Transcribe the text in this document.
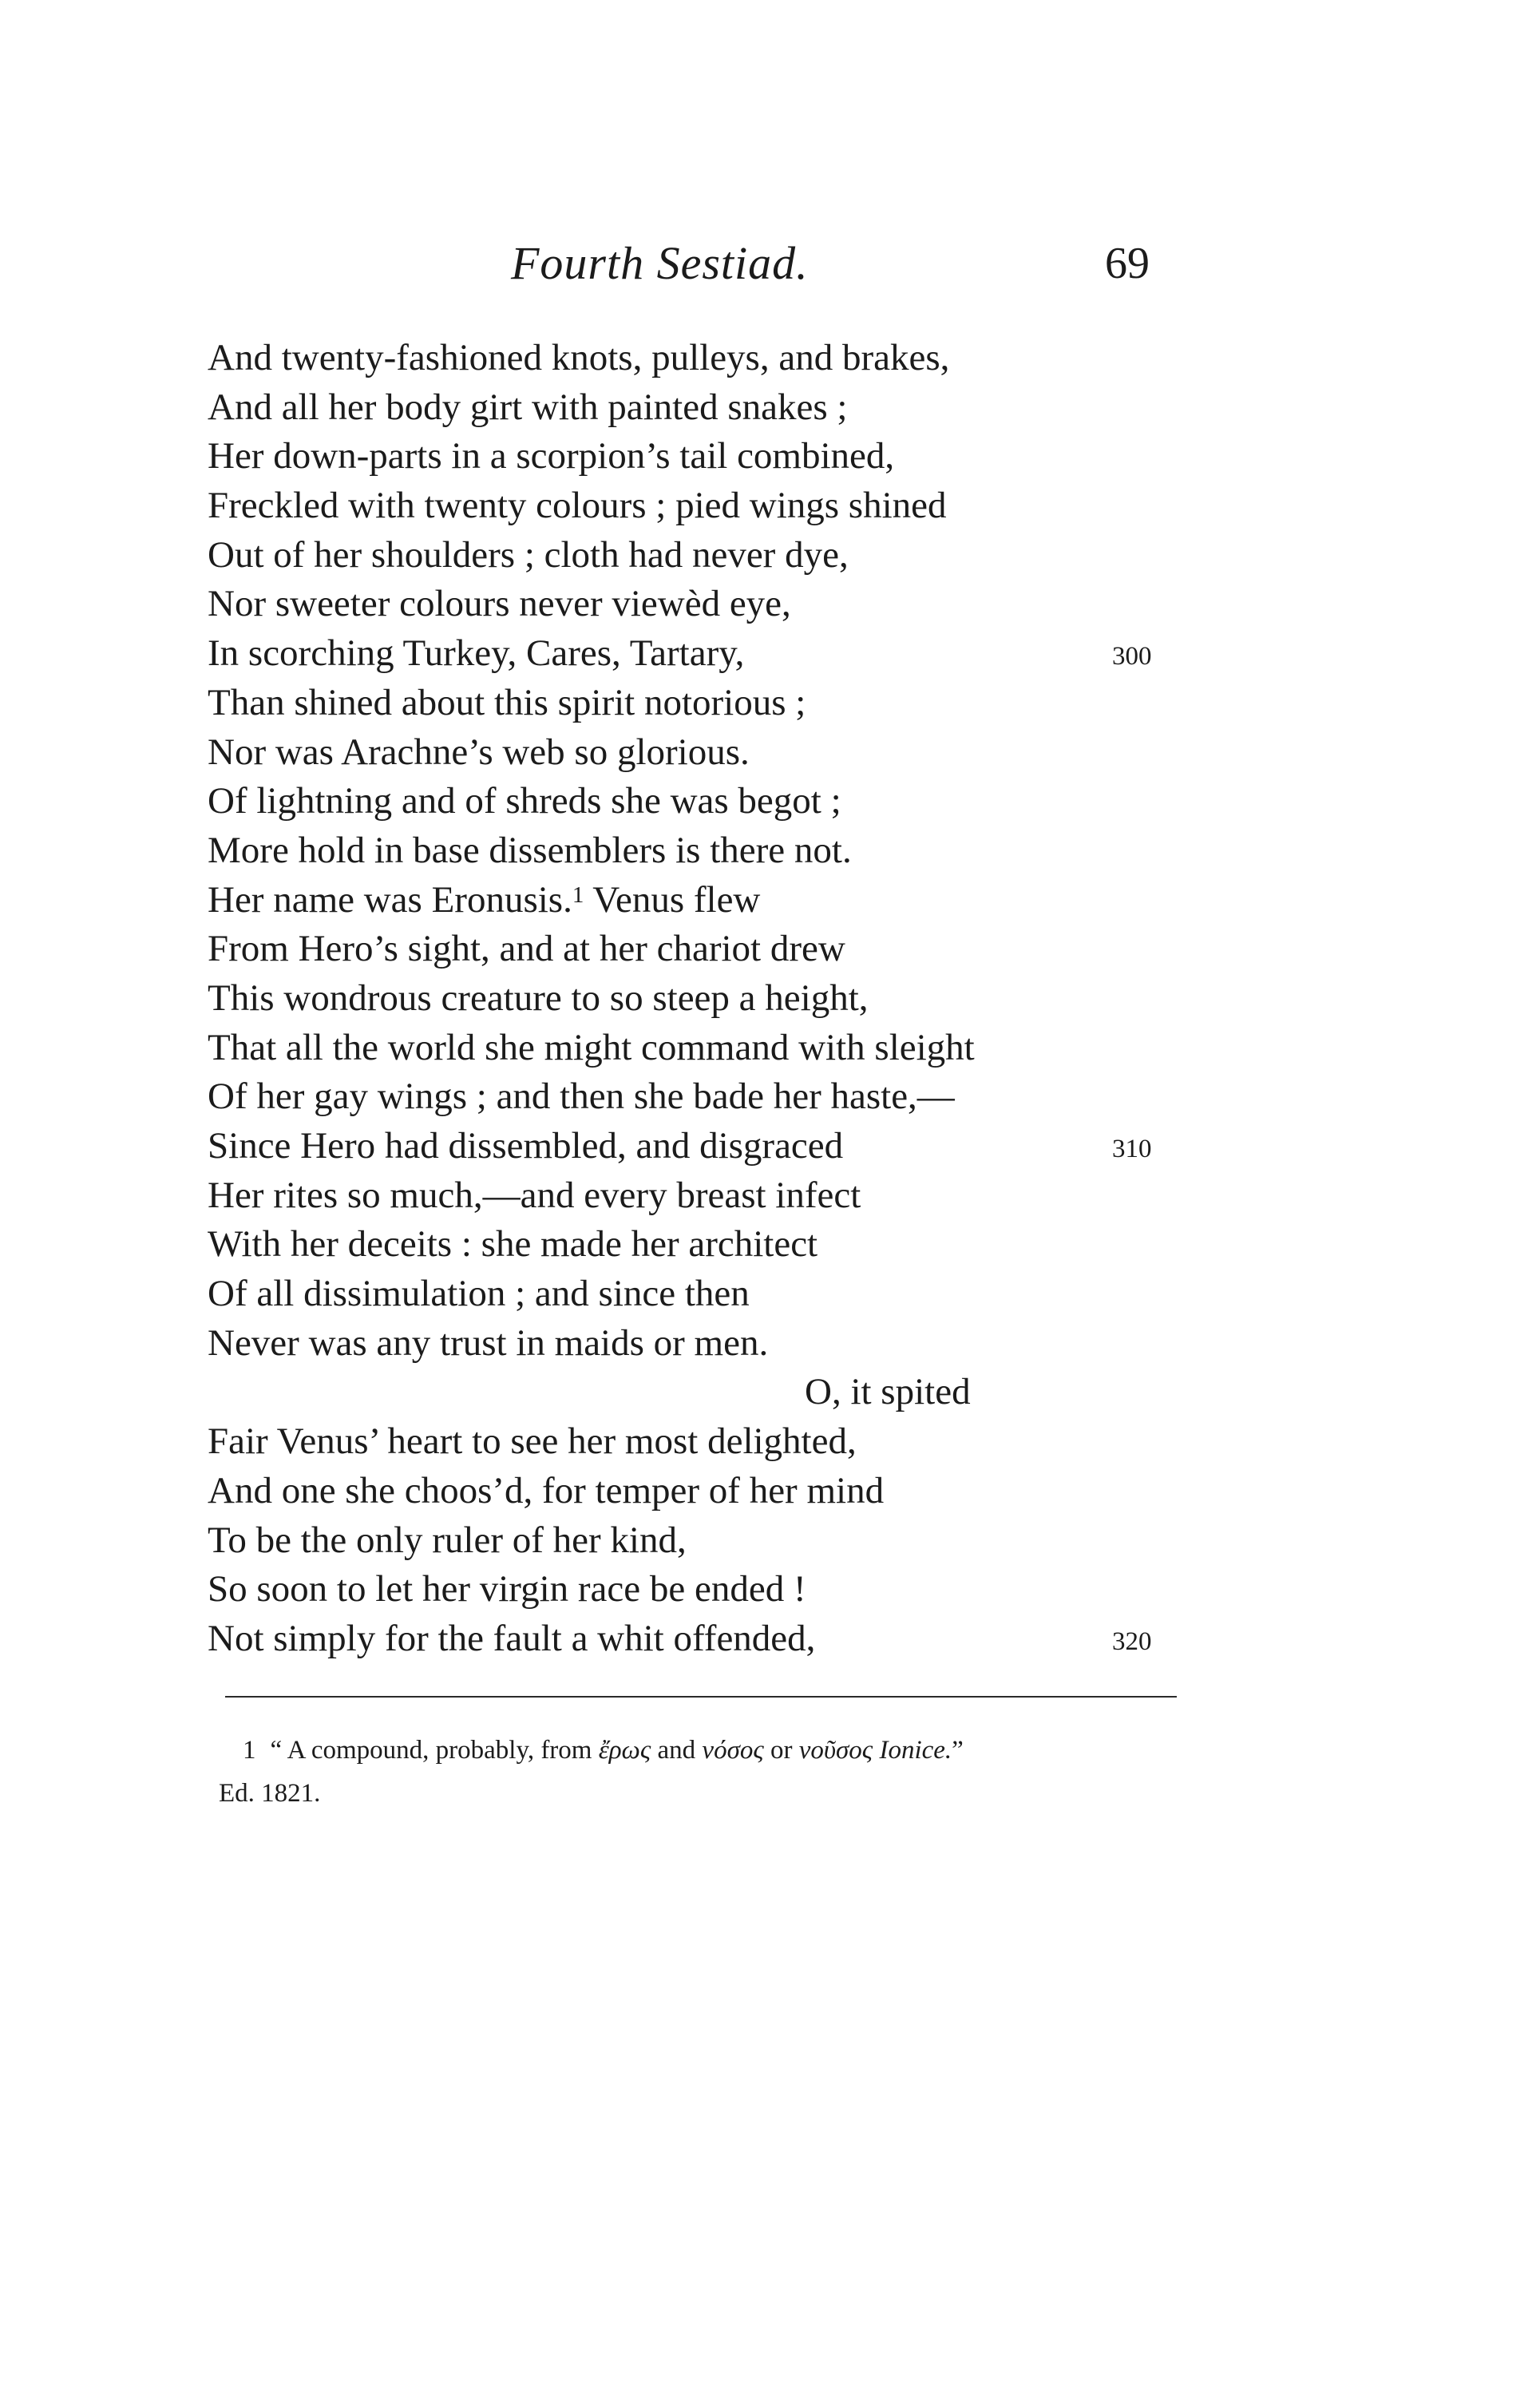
Fourth Sestiad.	69
And twenty-fashioned knots, pulleys, and brakes,
And all her body girt with painted snakes ;
Her down-parts in a scorpion’s tail combined,
Freckled with twenty colours ; pied wings shined
Out of her shoulders ; cloth had never dye,
Nor sweeter colours never viewèd eye,
In scorching Turkey, Cares, Tartary,	300
Than shined about this spirit notorious ;
Nor was Arachne’s web so glorious.
Of lightning and of shreds she was begot ;
More hold in base dissemblers is there not.
Her name was Eronusis.$^1$ Venus flew
From Hero’s sight, and at her chariot drew
This wondrous creature to so steep a height,
That all the world she might command with sleight
Of her gay wings ; and then she bade her haste,—
Since Hero had dissembled, and disgraced	310
Her rites so much,—and every breast infect
With her deceits : she made her architect
Of all dissimulation ; and since then
Never was any trust in maids or men.
O, it spited
Fair Venus’ heart to see her most delighted,
And one she choos’d, for temper of her mind
To be the only ruler of her kind,
So soon to let her virgin race be ended !
Not simply for the fault a whit offended,	320
1 “ A compound, probably, from ἔρως and νόσος or νοῦσος Ionice.”
Ed. 1821.
